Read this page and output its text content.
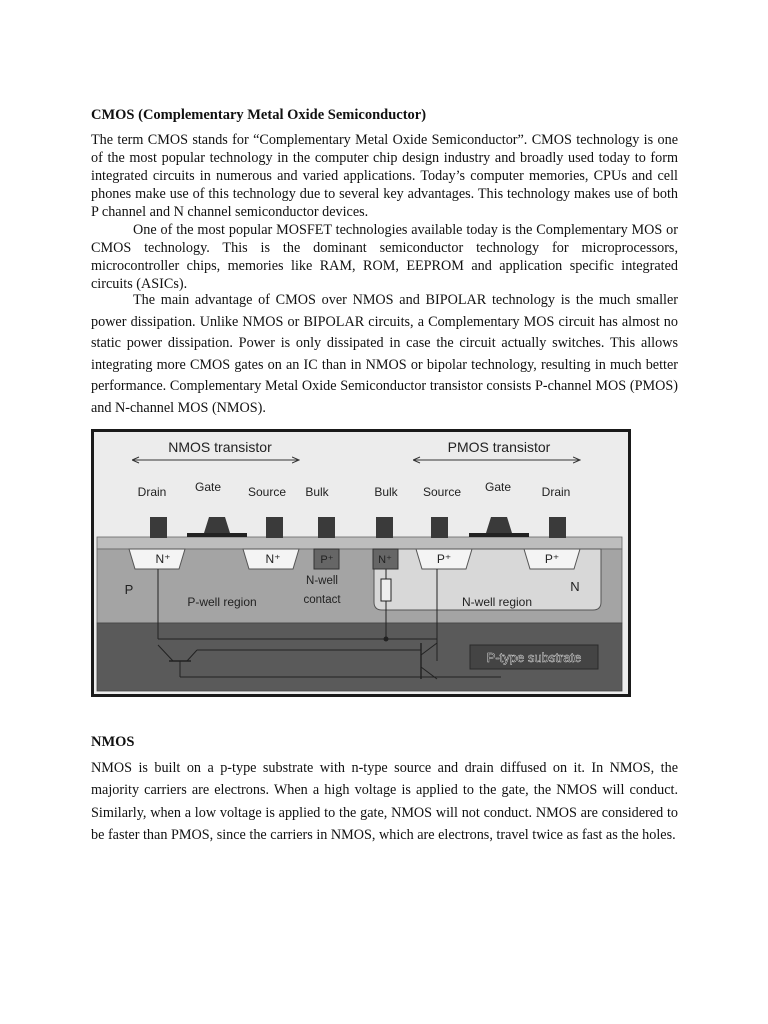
CMOS (Complementary Metal Oxide Semiconductor)

The term CMOS stands for “Complementary Metal Oxide Semiconductor”. CMOS technology is one of the most popular technology in the computer chip design industry and broadly used today to form integrated circuits in numerous and varied applications. Today’s computer memories, CPUs and cell phones make use of this technology due to several key advantages. This technology makes use of both P channel and N channel semiconductor devices.

One of the most popular MOSFET technologies available today is the Complementary MOS or CMOS technology. This is the dominant semiconductor technology for microprocessors, microcontroller chips, memories like RAM, ROM, EEPROM and application specific integrated circuits (ASICs).

The main advantage of CMOS over NMOS and BIPOLAR technology is the much smaller power dissipation. Unlike NMOS or BIPOLAR circuits, a Complementary MOS circuit has almost no static power dissipation. Power is only dissipated in case the circuit actually switches. This allows integrating more CMOS gates on an IC than in NMOS or bipolar technology, resulting in much better performance. Complementary Metal Oxide Semiconductor transistor consists P-channel MOS (PMOS) and N-channel MOS (NMOS).

NMOS transistor	PMOS transistor
Drain Gate Source Bulk	Bulk Source Gate	Drain
N⁺	N⁺	P⁺	N⁺	P⁺	P⁺
P	N
P-well region
N-well
contact	N-well region
P-type substrate
NMOS

NMOS is built on a p-type substrate with n-type source and drain diffused on it. In NMOS, the majority carriers are electrons. When a high voltage is applied to the gate, the NMOS will conduct. Similarly, when a low voltage is applied to the gate, NMOS will not conduct. NMOS are considered to be faster than PMOS, since the carriers in NMOS, which are electrons, travel twice as fast as the holes.
